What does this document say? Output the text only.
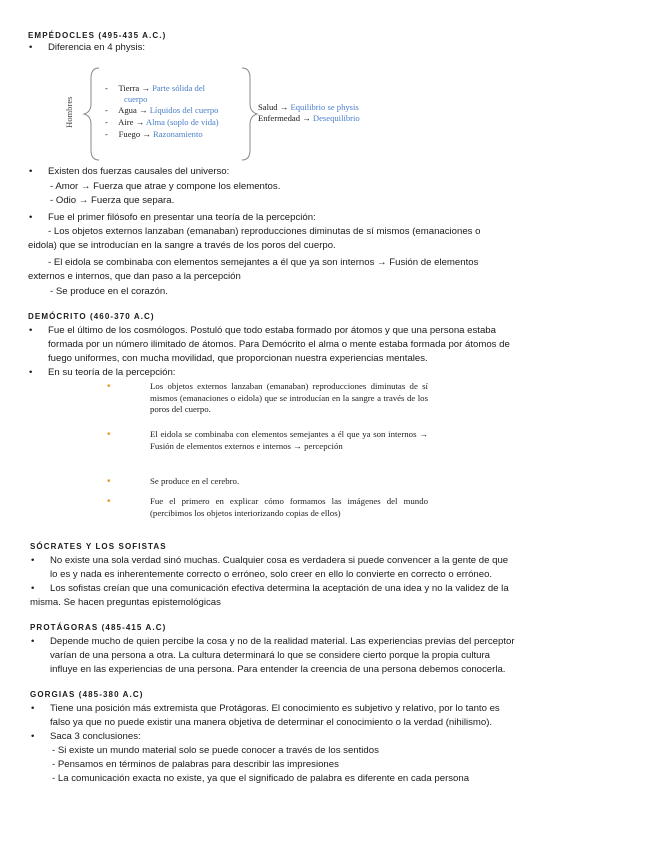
EMPÉDOCLES (495-435 A.C.)
• Diferencia en 4 physis:
Hombres
- Tierra → Parte sólida del
cuerpo
- Agua → Líquidos del cuerpo
- Aire → Alma (soplo de vida)
- Fuego → Razonamiento
Salud → Equilibrio se physis
Enfermedad → Desequilibrio
• Existen dos fuerzas causales del universo:
- Amor → Fuerza que atrae y compone los elementos.
- Odio → Fuerza que separa.
• Fue el primer filósofo en presentar una teoría de la percepción:
- Los objetos externos lanzaban (emanaban) reproducciones diminutas de sí mismos (emanaciones o
eidola) que se introducían en la sangre a través de los poros del cuerpo.
- El eidola se combinaba con elementos semejantes a él que ya son internos → Fusión de elementos
externos e internos, que dan paso a la percepción
- Se produce en el corazón.
DEMÓCRITO (460-370 A.C)
• Fue el último de los cosmólogos. Postuló que todo estaba formado por átomos y que una persona estaba
formada por un número ilimitado de átomos. Para Demócrito el alma o mente estaba formada por átomos de
fuego uniformes, con mucha movilidad, que proporcionan nuestra experiencias mentales.
• En su teoría de la percepción:
•	Los objetos externos lanzaban (emanaban) reproducciones diminutas de sí mismos (emanaciones o eidola) que se introducían en la sangre a través de los poros del cuerpo.
•	El eidola se combinaba con elementos semejantes a él que ya son internos → Fusión de elementos externos e internos → percepción
•	Se produce en el cerebro.
•	Fue el primero en explicar cómo formamos las imágenes del mundo (percibimos los objetos interiorizando copias de ellos)
SÓCRATES Y LOS SOFISTAS
• No existe una sola verdad sinó muchas. Cualquier cosa es verdadera si puede convencer a la gente de que
lo es y nada es inherentemente correcto o erróneo, solo creer en ello lo convierte en correcto o erróneo.
• Los sofistas creían que una comunicación efectiva determina la aceptación de una idea y no la validez de la
misma. Se hacen preguntas epistemológicas
PROTÁGORAS (485-415 A.C)
• Depende mucho de quien percibe la cosa y no de la realidad material. Las experiencias previas del perceptor
varían de una persona a otra. La cultura determinará lo que se considere cierto porque la propia cultura
influye en las experiencias de una persona. Para entender la creencia de una persona debemos conocerla.
GORGIAS (485-380 A.C)
• Tiene una posición más extremista que Protágoras. El conocimiento es subjetivo y relativo, por lo tanto es
falso ya que no puede existir una manera objetiva de determinar el conocimiento o la verdad (nihilismo).
• Saca 3 conclusiones:
- Si existe un mundo material solo se puede conocer a través de los sentidos
- Pensamos en términos de palabras para describir las impresiones
- La comunicación exacta no existe, ya que el significado de palabra es diferente en cada persona
